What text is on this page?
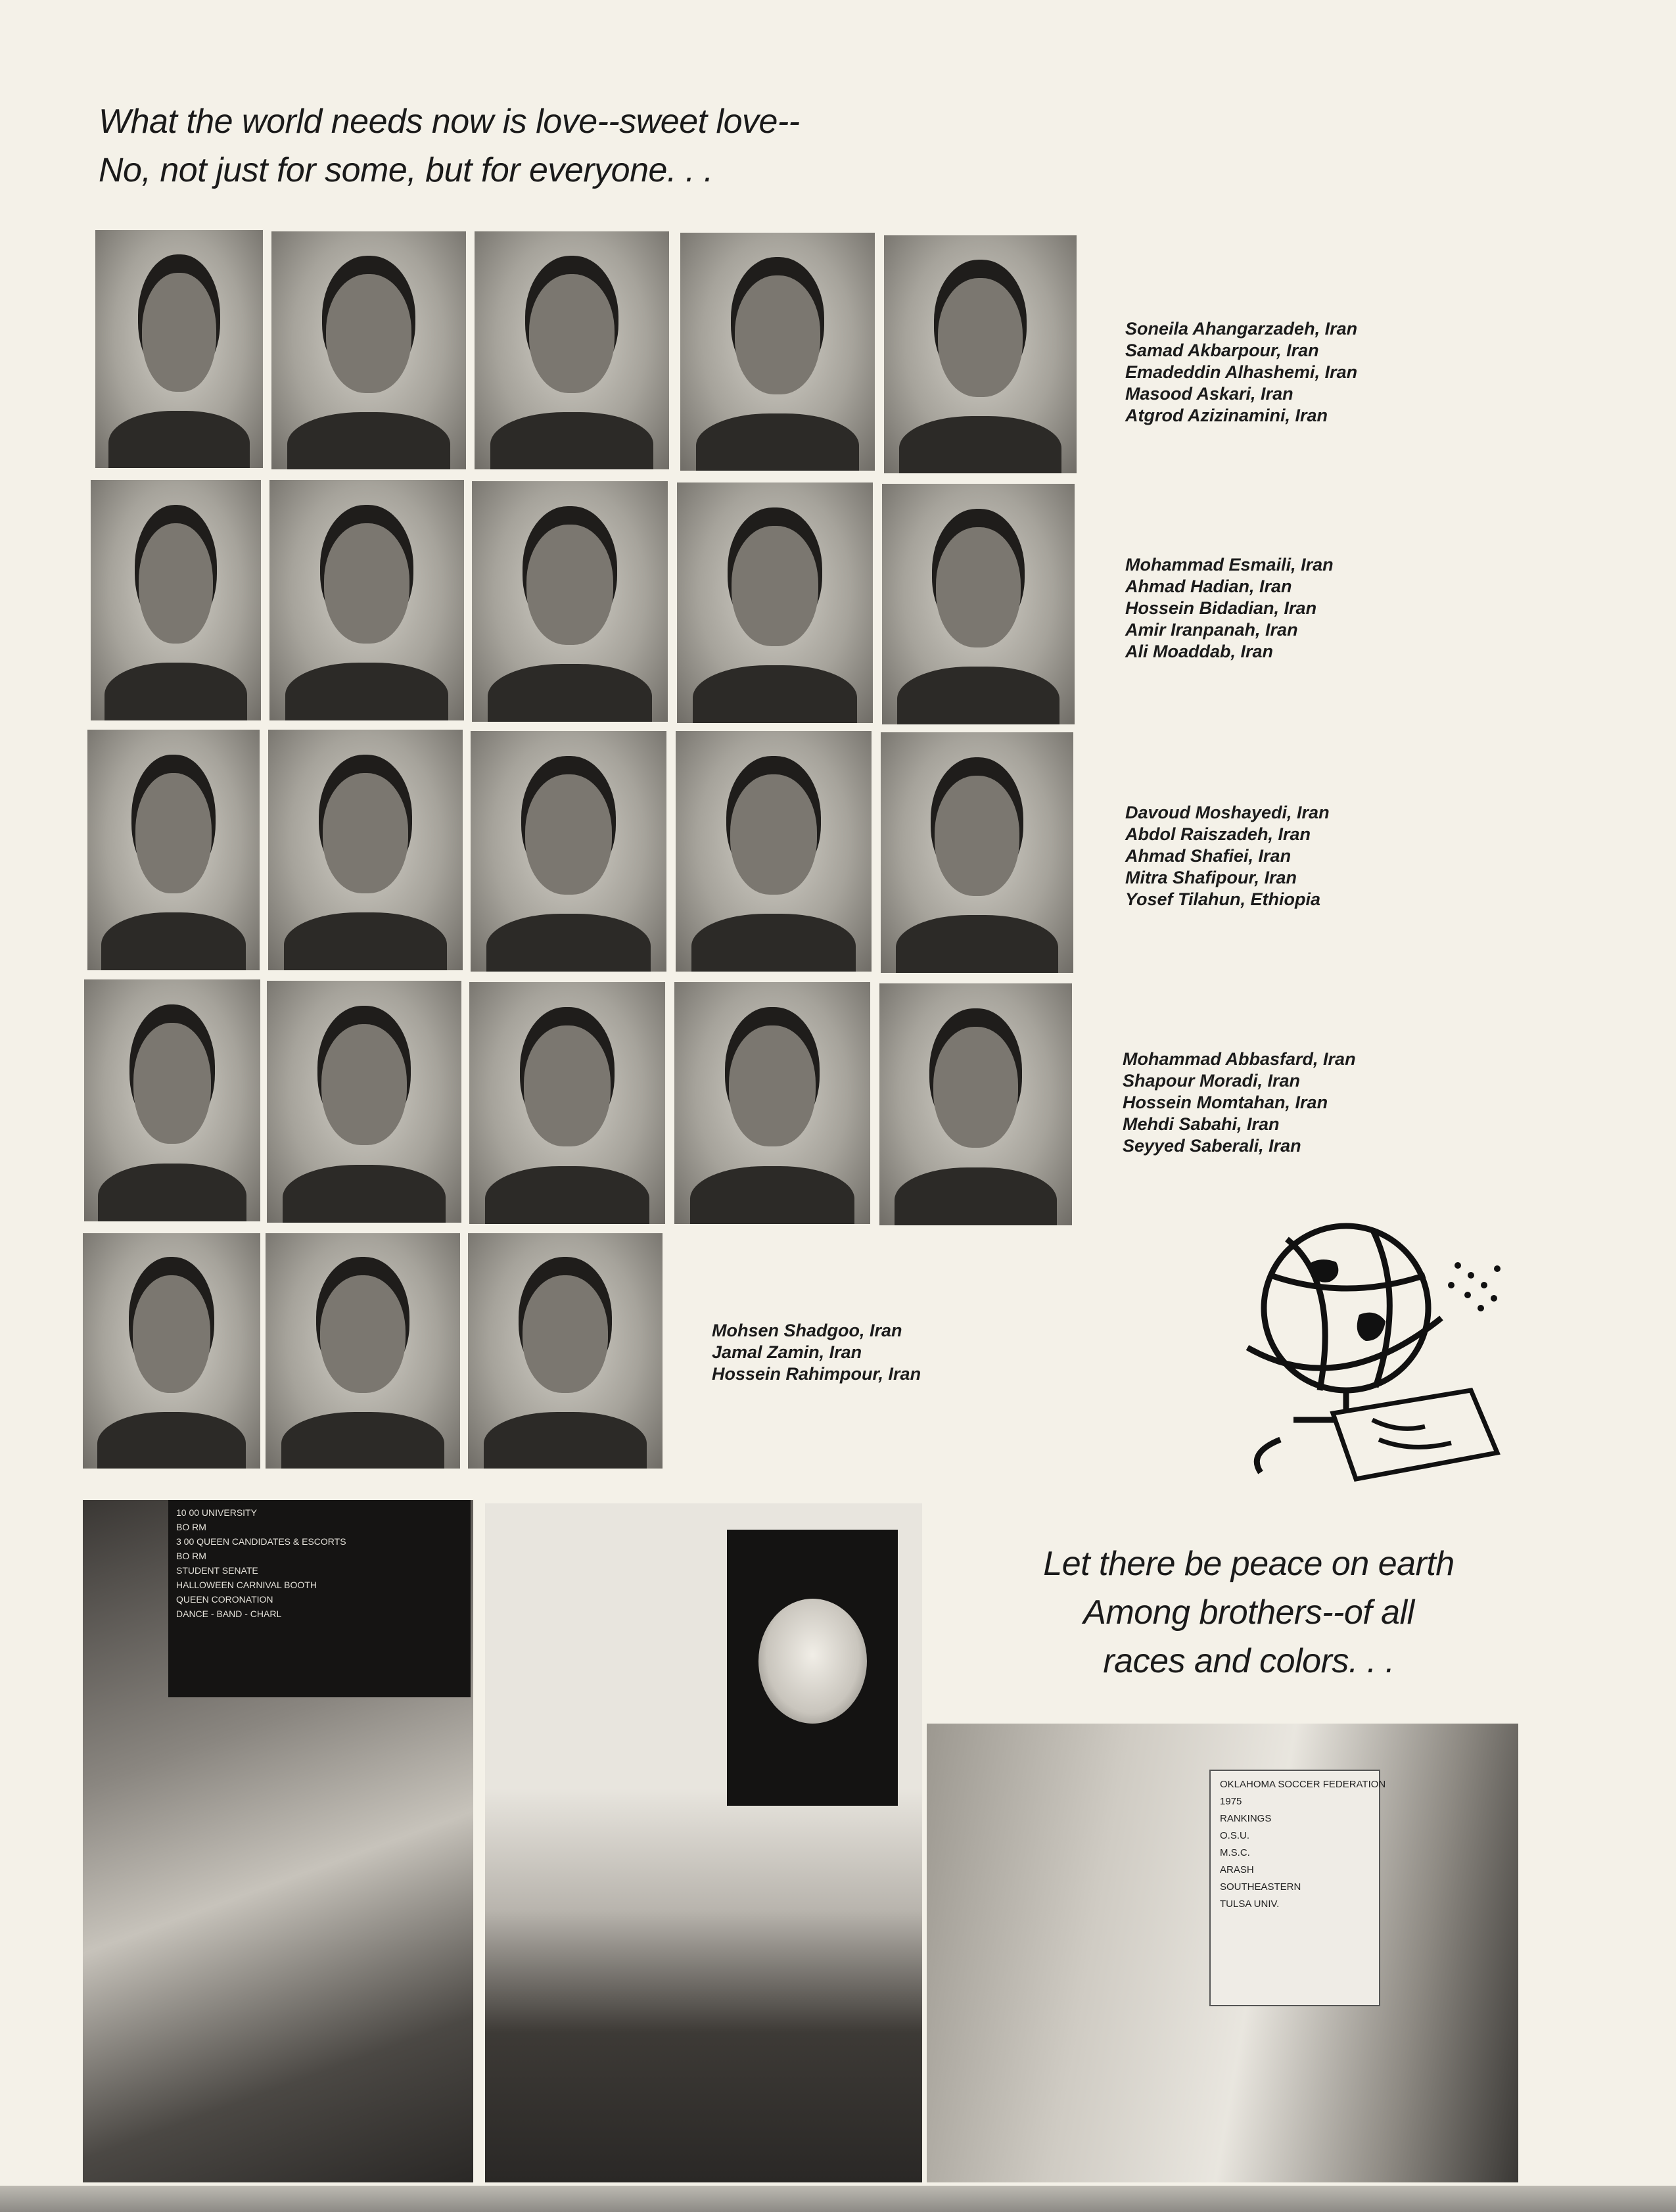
What the world needs now is love--sweet love--
No, not just for some, but for everyone. . .
Soneila Ahangarzadeh, Iran
Samad Akbarpour, Iran
Emadeddin Alhashemi, Iran
Masood Askari, Iran
Atgrod Azizinamini, Iran
Mohammad Esmaili, Iran
Ahmad Hadian, Iran
Hossein Bidadian, Iran
Amir Iranpanah, Iran
Ali Moaddab, Iran
Davoud Moshayedi, Iran
Abdol Raiszadeh, Iran
Ahmad Shafiei, Iran
Mitra Shafipour, Iran
Yosef Tilahun, Ethiopia
Mohammad Abbasfard, Iran
Shapour Moradi, Iran
Hossein Momtahan, Iran
Mehdi Sabahi, Iran
Seyyed Saberali, Iran
Mohsen Shadgoo, Iran
Jamal Zamin, Iran
Hossein Rahimpour, Iran
Let there be peace on earth
Among brothers--of all
races and colors. . .
10 00 UNIVERSITY
BO RM
3 00 QUEEN CANDIDATES & ESCORTS
BO RM
STUDENT SENATE
HALLOWEEN CARNIVAL BOOTH
QUEEN CORONATION
DANCE - BAND - CHARL
OKLAHOMA SOCCER FEDERATION
1975
RANKINGS
O.S.U.
M.S.C.
ARASH
SOUTHEASTERN
TULSA UNIV.
